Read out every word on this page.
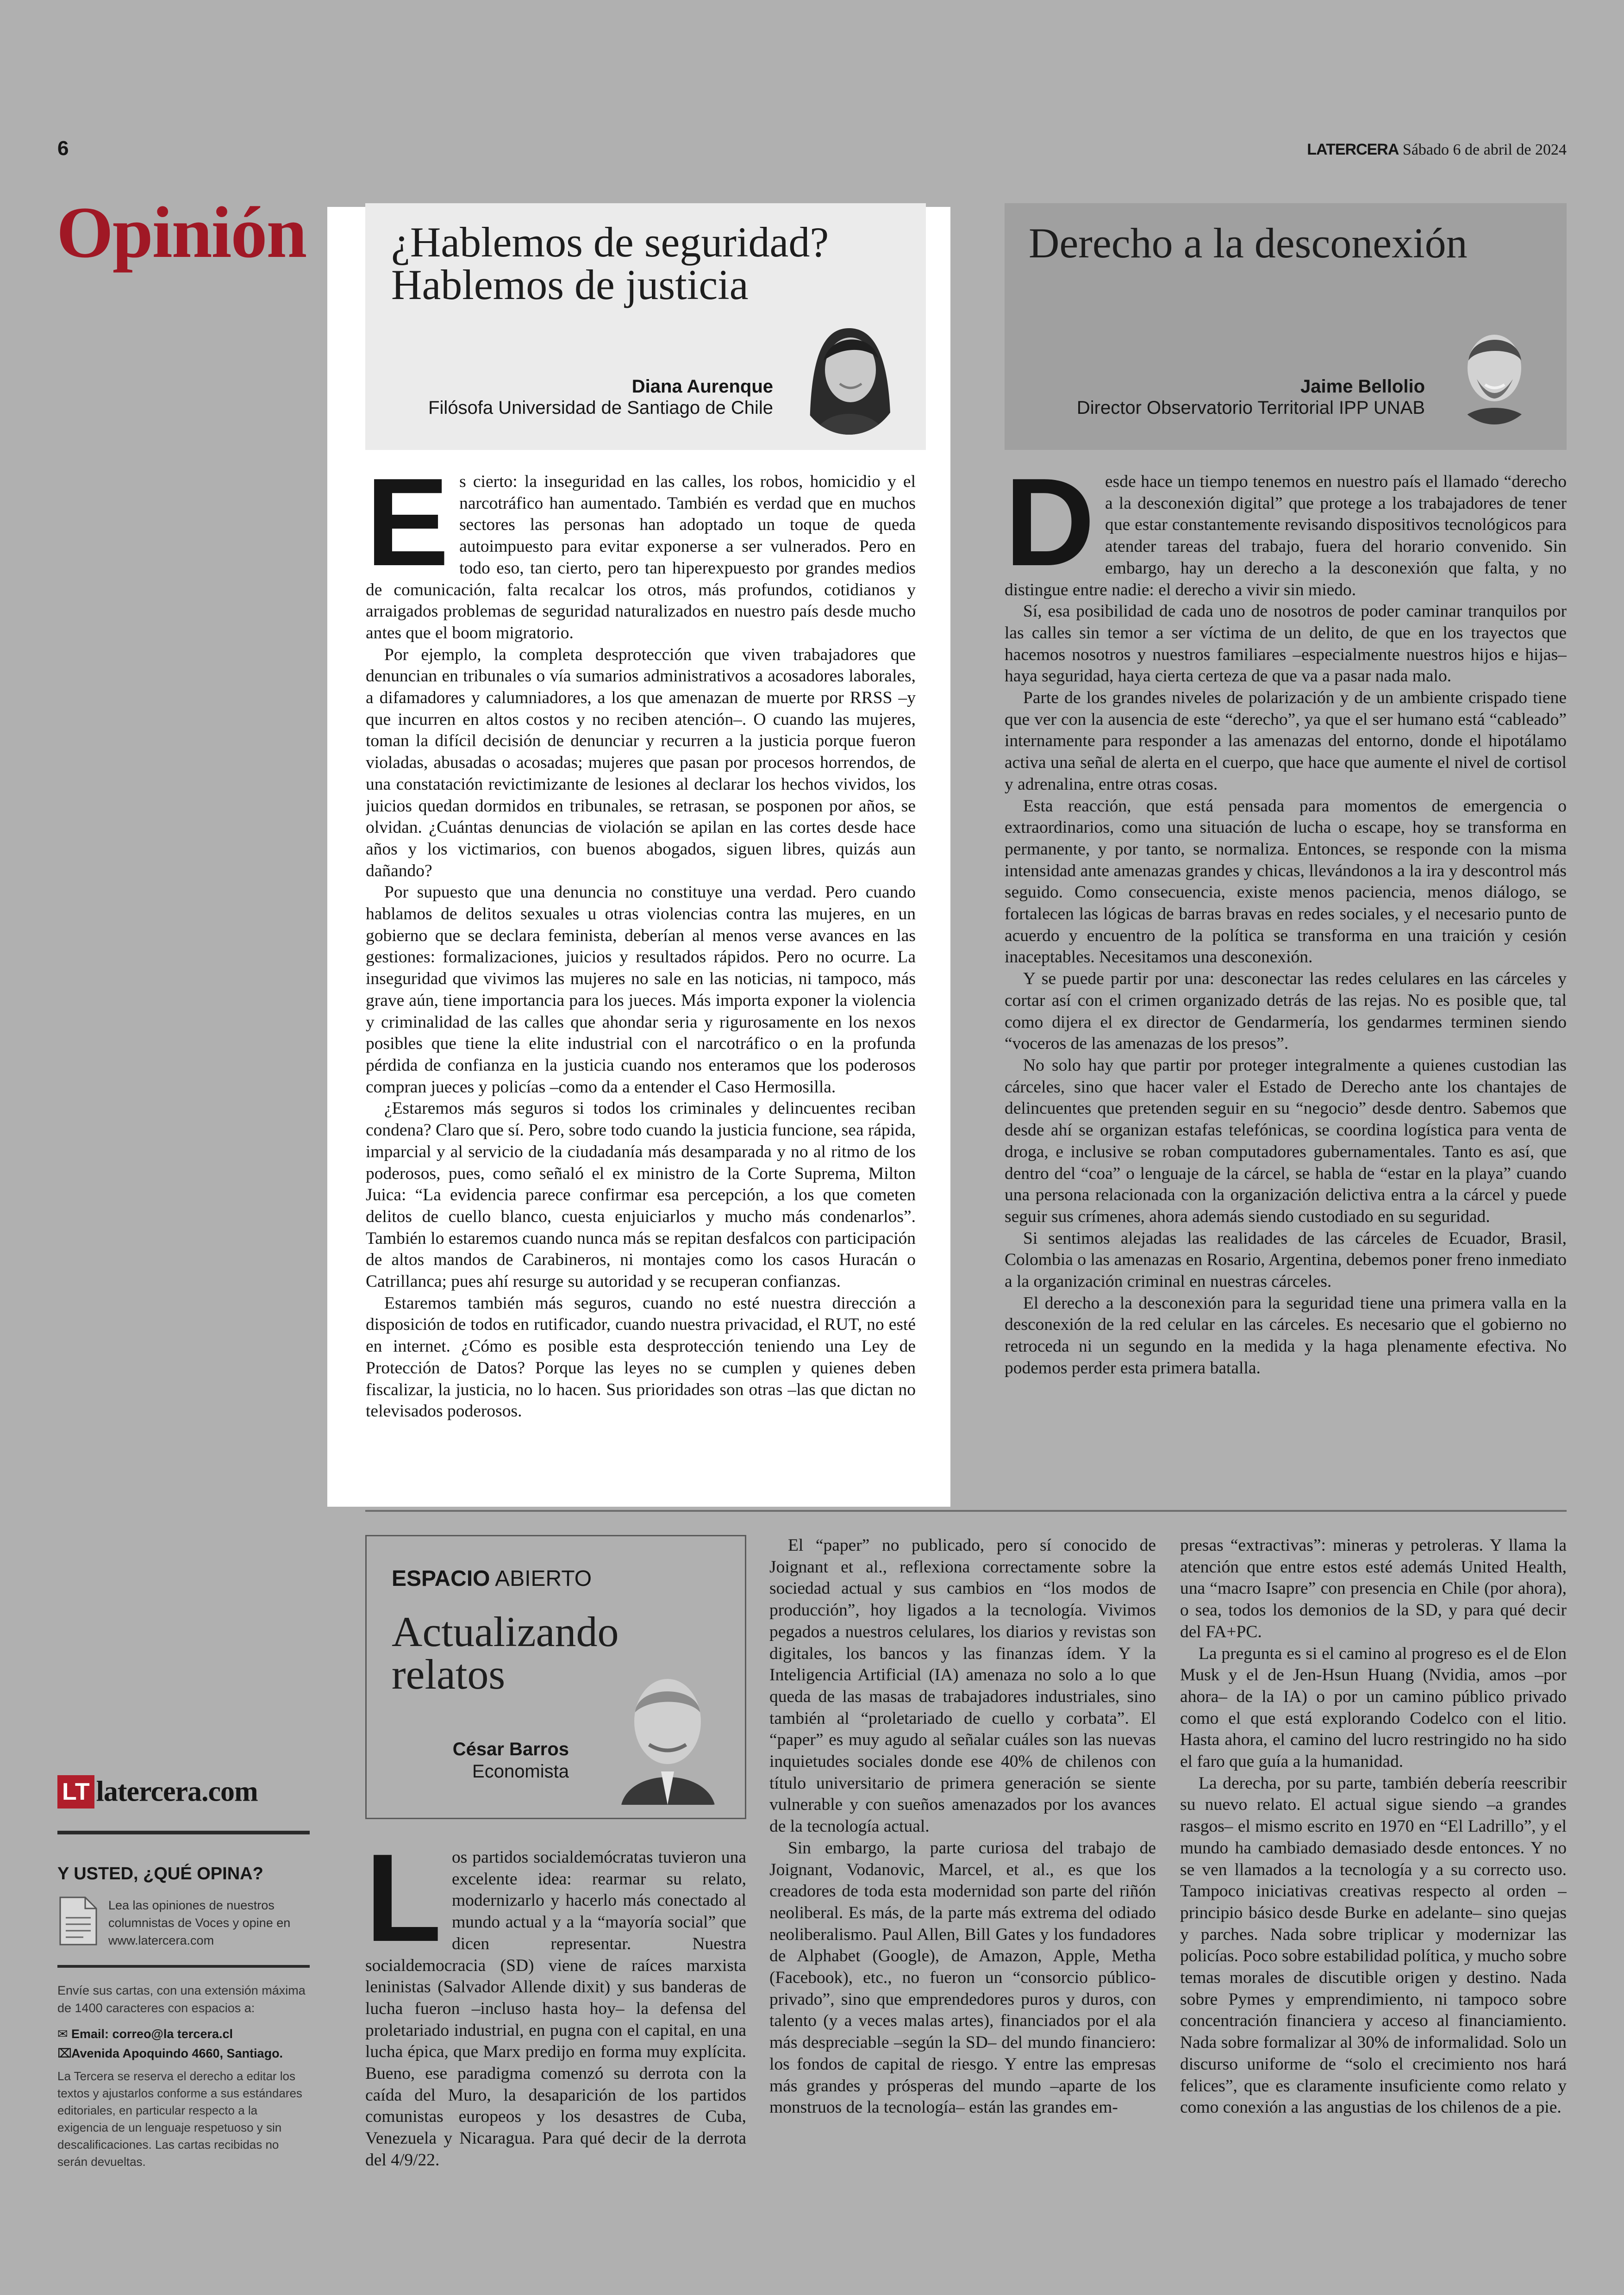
6	LATERCERA Sábado 6 de abril de 2024
Opinión ¿Hablemos de seguridad?
Hablemos de justicia
Diana Aurenque
Filósofa Universidad de Santiago de Chile
E s cierto: la inseguridad en las calles, los robos, homicidio y el narcotráfico han aumentado. También es verdad que en muchos sectores las personas han adoptado un toque de queda autoimpuesto para evitar exponerse a ser vulnerados. Pero en todo eso, tan cierto, pero tan hiperexpuesto por grandes medios de comunicación, falta recalcar los otros, más profundos, cotidianos y arraigados problemas de seguridad naturalizados en nuestro país desde mucho antes que el boom migratorio.

Por ejemplo, la completa desprotección que viven trabajadores que denuncian en tribunales o vía sumarios administrativos a acosadores laborales, a difamadores y calumniadores, a los que amenazan de muerte por RRSS –y que incurren en altos costos y no reciben atención–. O cuando las mujeres, toman la difícil decisión de denunciar y recurren a la justicia porque fueron violadas, abusadas o acosadas; mujeres que pasan por procesos horrendos, de una constatación revictimizante de lesiones al declarar los hechos vividos, los juicios quedan dormidos en tribunales, se retrasan, se posponen por años, se olvidan. ¿Cuántas denuncias de violación se apilan en las cortes desde hace años y los victimarios, con buenos abogados, siguen libres, quizás aun dañando?

Por supuesto que una denuncia no constituye una verdad. Pero cuando hablamos de delitos sexuales u otras violencias contra las mujeres, en un gobierno que se declara feminista, deberían al menos verse avances en las gestiones: formalizaciones, juicios y resultados rápidos. Pero no ocurre. La inseguridad que vivimos las mujeres no sale en las noticias, ni tampoco, más grave aún, tiene importancia para los jueces. Más importa exponer la violencia y criminalidad de las calles que ahondar seria y rigurosamente en los nexos posibles que tiene la elite industrial con el narcotráfico o en la profunda pérdida de confianza en la justicia cuando nos enteramos que los poderosos compran jueces y policías –como da a entender el Caso Hermosilla.

¿Estaremos más seguros si todos los criminales y delincuentes reciban condena? Claro que sí. Pero, sobre todo cuando la justicia funcione, sea rápida, imparcial y al servicio de la ciudadanía más desamparada y no al ritmo de los poderosos, pues, como señaló el ex ministro de la Corte Suprema, Milton Juica: “La evidencia parece confirmar esa percepción, a los que cometen delitos de cuello blanco, cuesta enjuiciarlos y mucho más condenarlos”. También lo estaremos cuando nunca más se repitan desfalcos con participación de altos mandos de Carabineros, ni montajes como los casos Huracán o Catrillanca; pues ahí resurge su autoridad y se recuperan confianzas.

Estaremos también más seguros, cuando no esté nuestra dirección a disposición de todos en rutificador, cuando nuestra privacidad, el RUT, no esté en internet. ¿Cómo es posible esta desprotección teniendo una Ley de Protección de Datos? Porque las leyes no se cumplen y quienes deben fiscalizar, la justicia, no lo hacen. Sus prioridades son otras –las que dictan no televisados poderosos.

Derecho a la desconexión
Jaime Bellolio
Director Observatorio Territorial IPP UNAB
D esde hace un tiempo tenemos en nuestro país el llamado “derecho a la desconexión digital” que protege a los trabajadores de tener que estar constantemente revisando dispositivos tecnológicos para atender tareas del trabajo, fuera del horario convenido. Sin embargo, hay un derecho a la desconexión que falta, y no distingue entre nadie: el derecho a vivir sin miedo.

Sí, esa posibilidad de cada uno de nosotros de poder caminar tranquilos por las calles sin temor a ser víctima de un delito, de que en los trayectos que hacemos nosotros y nuestros familiares –especialmente nuestros hijos e hijas– haya seguridad, haya cierta certeza de que va a pasar nada malo.

Parte de los grandes niveles de polarización y de un ambiente crispado tiene que ver con la ausencia de este “derecho”, ya que el ser humano está “cableado” internamente para responder a las amenazas del entorno, donde el hipotálamo activa una señal de alerta en el cuerpo, que hace que aumente el nivel de cortisol y adrenalina, entre otras cosas.

Esta reacción, que está pensada para momentos de emergencia o extraordinarios, como una situación de lucha o escape, hoy se transforma en permanente, y por tanto, se normaliza. Entonces, se responde con la misma intensidad ante amenazas grandes y chicas, llevándonos a la ira y descontrol más seguido. Como consecuencia, existe menos paciencia, menos diálogo, se fortalecen las lógicas de barras bravas en redes sociales, y el necesario punto de acuerdo y encuentro de la política se transforma en una traición y cesión inaceptables. Necesitamos una desconexión.

Y se puede partir por una: desconectar las redes celulares en las cárceles y cortar así con el crimen organizado detrás de las rejas. No es posible que, tal como dijera el ex director de Gendarmería, los gendarmes terminen siendo “voceros de las amenazas de los presos”.

No solo hay que partir por proteger integralmente a quienes custodian las cárceles, sino que hacer valer el Estado de Derecho ante los chantajes de delincuentes que pretenden seguir en su “negocio” desde dentro. Sabemos que desde ahí se organizan estafas telefónicas, se coordina logística para venta de droga, e inclusive se roban computadores gubernamentales. Tanto es así, que dentro del “coa” o lenguaje de la cárcel, se habla de “estar en la playa” cuando una persona relacionada con la organización delictiva entra a la cárcel y puede seguir sus crímenes, ahora además siendo custodiado en su seguridad.

Si sentimos alejadas las realidades de las cárceles de Ecuador, Brasil, Colombia o las amenazas en Rosario, Argentina, debemos poner freno inmediato a la organización criminal en nuestras cárceles.

El derecho a la desconexión para la seguridad tiene una primera valla en la desconexión de la red celular en las cárceles. Es necesario que el gobierno no retroceda ni un segundo en la medida y la haga plenamente efectiva. No podemos perder esta primera batalla.

ESPACIO ABIERTO
Actualizando
relatos
César Barros
Economista
L os partidos socialdemócratas tuvieron una excelente idea: rearmar su relato, modernizarlo y hacerlo más conectado al mundo actual y a la “mayoría social” que dicen representar. Nuestra socialdemocracia (SD) viene de raíces marxista leninistas (Salvador Allende dixit) y sus banderas de lucha fueron –incluso hasta hoy– la defensa del proletariado industrial, en pugna con el capital, en una lucha épica, que Marx predijo en forma muy explícita. Bueno, ese paradigma comenzó su derrota con la caída del Muro, la desaparición de los partidos comunistas europeos y los desastres de Cuba, Venezuela y Nicaragua. Para qué decir de la derrota del 4/9/22.

El “paper” no publicado, pero sí conocido de Joignant et al., reflexiona correctamente sobre la sociedad actual y sus cambios en “los modos de producción”, hoy ligados a la tecnología. Vivimos pegados a nuestros celulares, los diarios y revistas son digitales, los bancos y las finanzas ídem. Y la Inteligencia Artificial (IA) amenaza no solo a lo que queda de las masas de trabajadores industriales, sino también al “proletariado de cuello y corbata”. El “paper” es muy agudo al señalar cuáles son las nuevas inquietudes sociales donde ese 40% de chilenos con título universitario de primera generación se siente vulnerable y con sueños amenazados por los avances de la tecnología actual.

Sin embargo, la parte curiosa del trabajo de Joignant, Vodanovic, Marcel, et al., es que los creadores de toda esta modernidad son parte del riñón neoliberal. Es más, de la parte más extrema del odiado neoliberalismo. Paul Allen, Bill Gates y los fundadores de Alphabet (Google), de Amazon, Apple, Metha (Facebook), etc., no fueron un “consorcio público-privado”, sino que emprendedores puros y duros, con talento (y a veces malas artes), financiados por el ala más despreciable –según la SD– del mundo financiero: los fondos de capital de riesgo. Y entre las empresas más grandes y prósperas del mundo –aparte de los monstruos de la tecnología– están las grandes em-

presas “extractivas”: mineras y petroleras. Y llama la atención que entre estos esté además United Health, una “macro Isapre” con presencia en Chile (por ahora), o sea, todos los demonios de la SD, y para qué decir del FA+PC.

La pregunta es si el camino al progreso es el de Elon Musk y el de Jen-Hsun Huang (Nvidia, amos –por ahora– de la IA) o por un camino público privado como el que está explorando Codelco con el litio. Hasta ahora, el camino del lucro restringido no ha sido el faro que guía a la humanidad.

La derecha, por su parte, también debería reescribir su nuevo relato. El actual sigue siendo –a grandes rasgos– el mismo escrito en 1970 en “El Ladrillo”, y el mundo ha cambiado demasiado desde entonces. Y no se ven llamados a la tecnología y a su correcto uso. Tampoco iniciativas creativas respecto al orden –principio básico desde Burke en adelante– sino quejas y parches. Nada sobre triplicar y modernizar las policías. Poco sobre estabilidad política, y mucho sobre temas morales de discutible origen y destino. Nada sobre Pymes y emprendimiento, ni tampoco sobre concentración financiera y acceso al financiamiento. Nada sobre formalizar al 30% de informalidad. Solo un discurso uniforme de “solo el crecimiento nos hará felices”, que es claramente insuficiente como relato y como conexión a las angustias de los chilenos de a pie.

LT latercera.com
Y USTED, ¿QUÉ OPINA?
Lea las opiniones de nuestros columnistas de Voces y opine en www.latercera.com
Envíe sus cartas, con una extensión máxima de 1400 caracteres con espacios a:
✉ Email: correo@la tercera.cl
⌧Avenida Apoquindo 4660, Santiago.
La Tercera se reserva el derecho a editar los textos y ajustarlos conforme a sus estándares editoriales, en particular respecto a la exigencia de un lenguaje respetuoso y sin descalificaciones. Las cartas recibidas no serán devueltas.
